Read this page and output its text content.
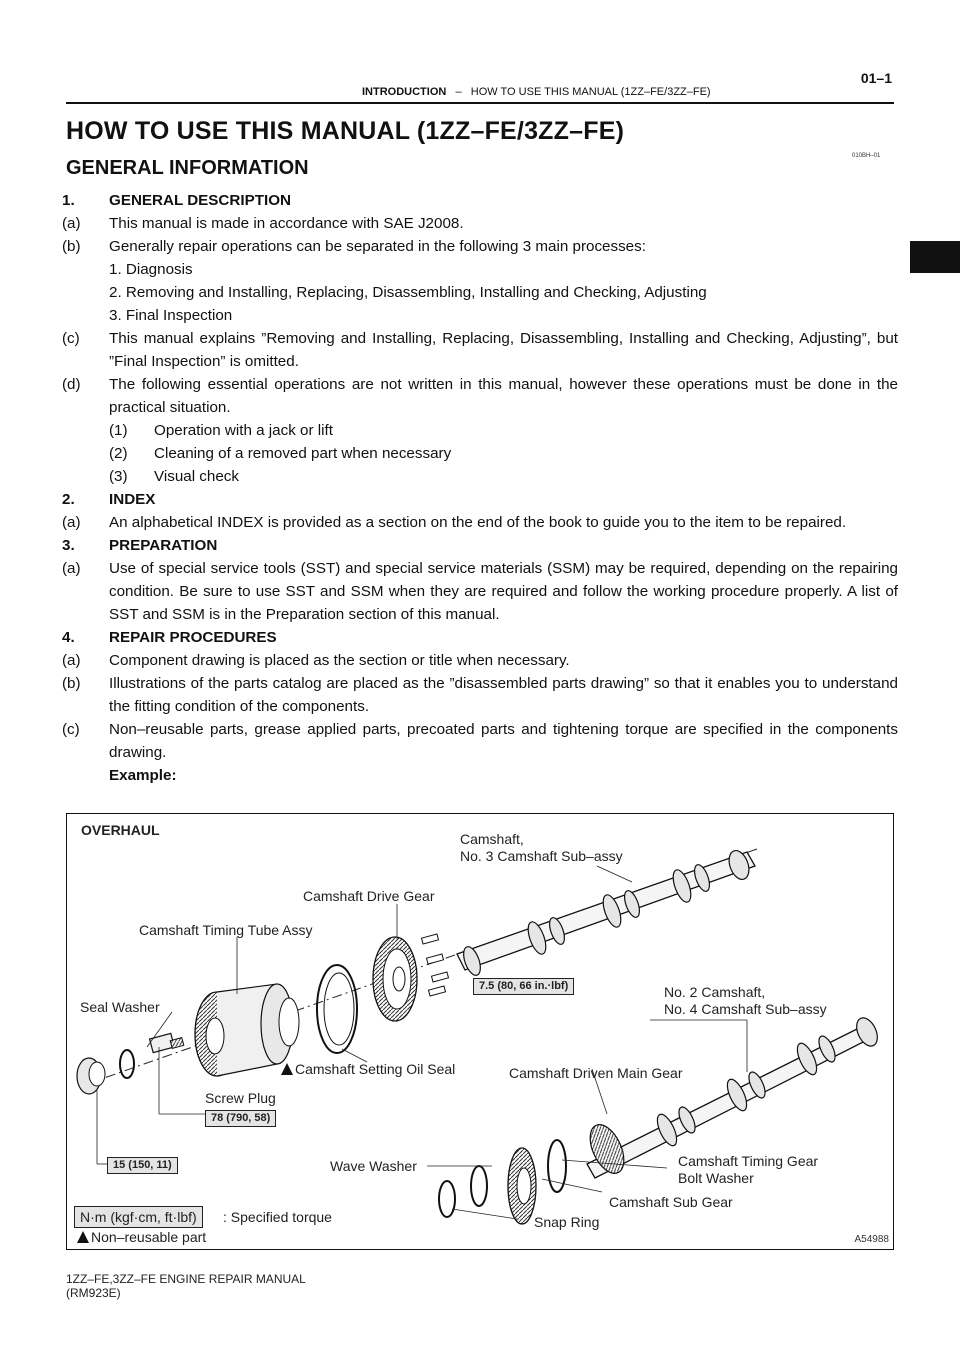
INTRODUCTION – HOW TO USE THIS MANUAL (1ZZ–FE/3ZZ–FE)
01–1
HOW TO USE THIS MANUAL (1ZZ–FE/3ZZ–FE)
GENERAL INFORMATION
010BH–01
1. GENERAL DESCRIPTION
(a) This manual is made in accordance with SAE J2008.
(b) Generally repair operations can be separated in the following 3 main processes:
1. Diagnosis
2. Removing and Installing, Replacing, Disassembling, Installing and Checking, Adjusting
3. Final Inspection
(c) This manual explains ”Removing and Installing, Replacing, Disassembling, Installing and Checking, Adjusting”, but ”Final Inspection” is omitted.
(d) The following essential operations are not written in this manual, however these operations must be done in the practical situation.
(1) Operation with a jack or lift
(2) Cleaning of a removed part when necessary
(3) Visual check
2. INDEX
(a) An alphabetical INDEX is provided as a section on the end of the book to guide you to the item to be repaired.
3. PREPARATION
(a) Use of special service tools (SST) and special service materials (SSM) may be required, depending on the repairing condition. Be sure to use SST and SSM when they are required and follow the working procedure properly. A list of SST and SSM is in the Preparation section of this manual.
4. REPAIR PROCEDURES
(a) Component drawing is placed as the section or title when necessary.
(b) Illustrations of the parts catalog are placed as the ”disassembled parts drawing” so that it enables you to understand the fitting condition of the components.
(c) Non–reusable parts, grease applied parts, precoated parts and tightening torque are specified in the components drawing.
Example:
OVERHAUL
Camshaft,
No. 3 Camshaft Sub–assy
Camshaft Drive Gear
Camshaft Timing Tube Assy
7.5 (80, 66 in.·lbf)	No. 2 Camshaft,
No. 4 Camshaft Sub–assy
Seal Washer
Camshaft Setting Oil Seal	Camshaft Driven Main Gear
Screw Plug
78 (790, 58)
15 (150, 11)	Wave Washer	Camshaft Timing Gear
Bolt Washer
Camshaft Sub Gear
Snap Ring
N·m (kgf·cm, ft·lbf)	: Specified torque
Non–reusable part	A54988
1ZZ–FE,3ZZ–FE ENGINE REPAIR MANUAL
(RM923E)
